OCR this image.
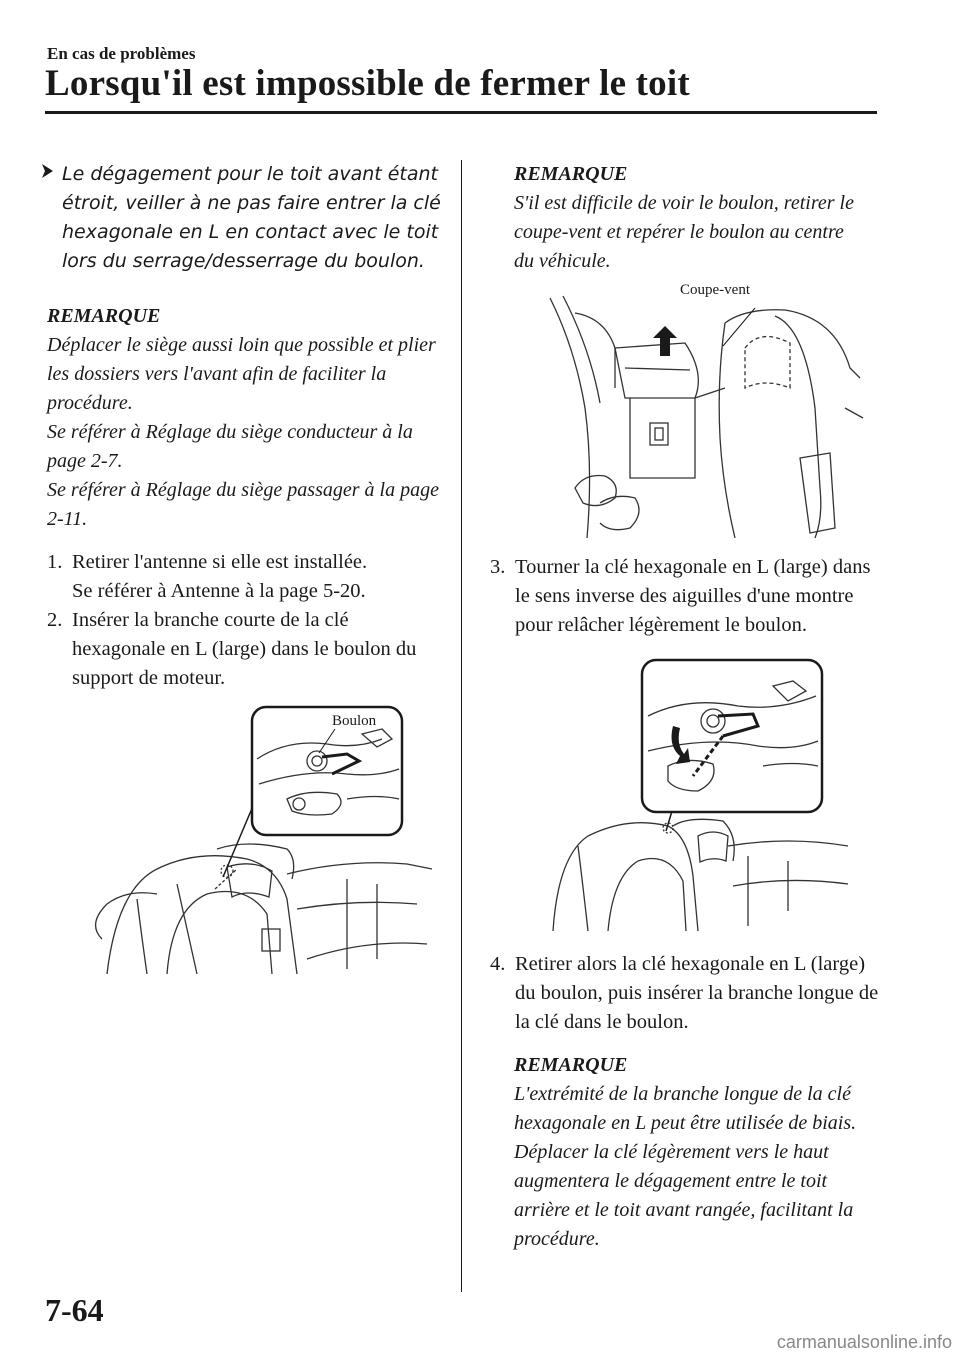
En cas de problèmes
Lorsqu'il est impossible de fermer le toit
Le dégagement pour le toit avant étant étroit, veiller à ne pas faire entrer la clé hexagonale en L en contact avec le toit lors du serrage/desserrage du boulon.
REMARQUE
Déplacer le siège aussi loin que possible et plier les dossiers vers l'avant afin de faciliter la procédure.
Se référer à Réglage du siège conducteur à la page 2-7.
Se référer à Réglage du siège passager à la page 2-11.
1. Retirer l'antenne si elle est installée.
Se référer à Antenne à la page 5-20.
2. Insérer la branche courte de la clé hexagonale en L (large) dans le boulon du support de moteur.
Boulon
REMARQUE
S'il est difficile de voir le boulon, retirer le coupe-vent et repérer le boulon au centre du véhicule.
Coupe-vent
3. Tourner la clé hexagonale en L (large) dans le sens inverse des aiguilles d'une montre pour relâcher légèrement le boulon.
4. Retirer alors la clé hexagonale en L (large) du boulon, puis insérer la branche longue de la clé dans le boulon.
REMARQUE
L'extrémité de la branche longue de la clé hexagonale en L peut être utilisée de biais. Déplacer la clé légèrement vers le haut augmentera le dégagement entre le toit arrière et le toit avant rangée, facilitant la procédure.
7-64
carmanualsonline.info
